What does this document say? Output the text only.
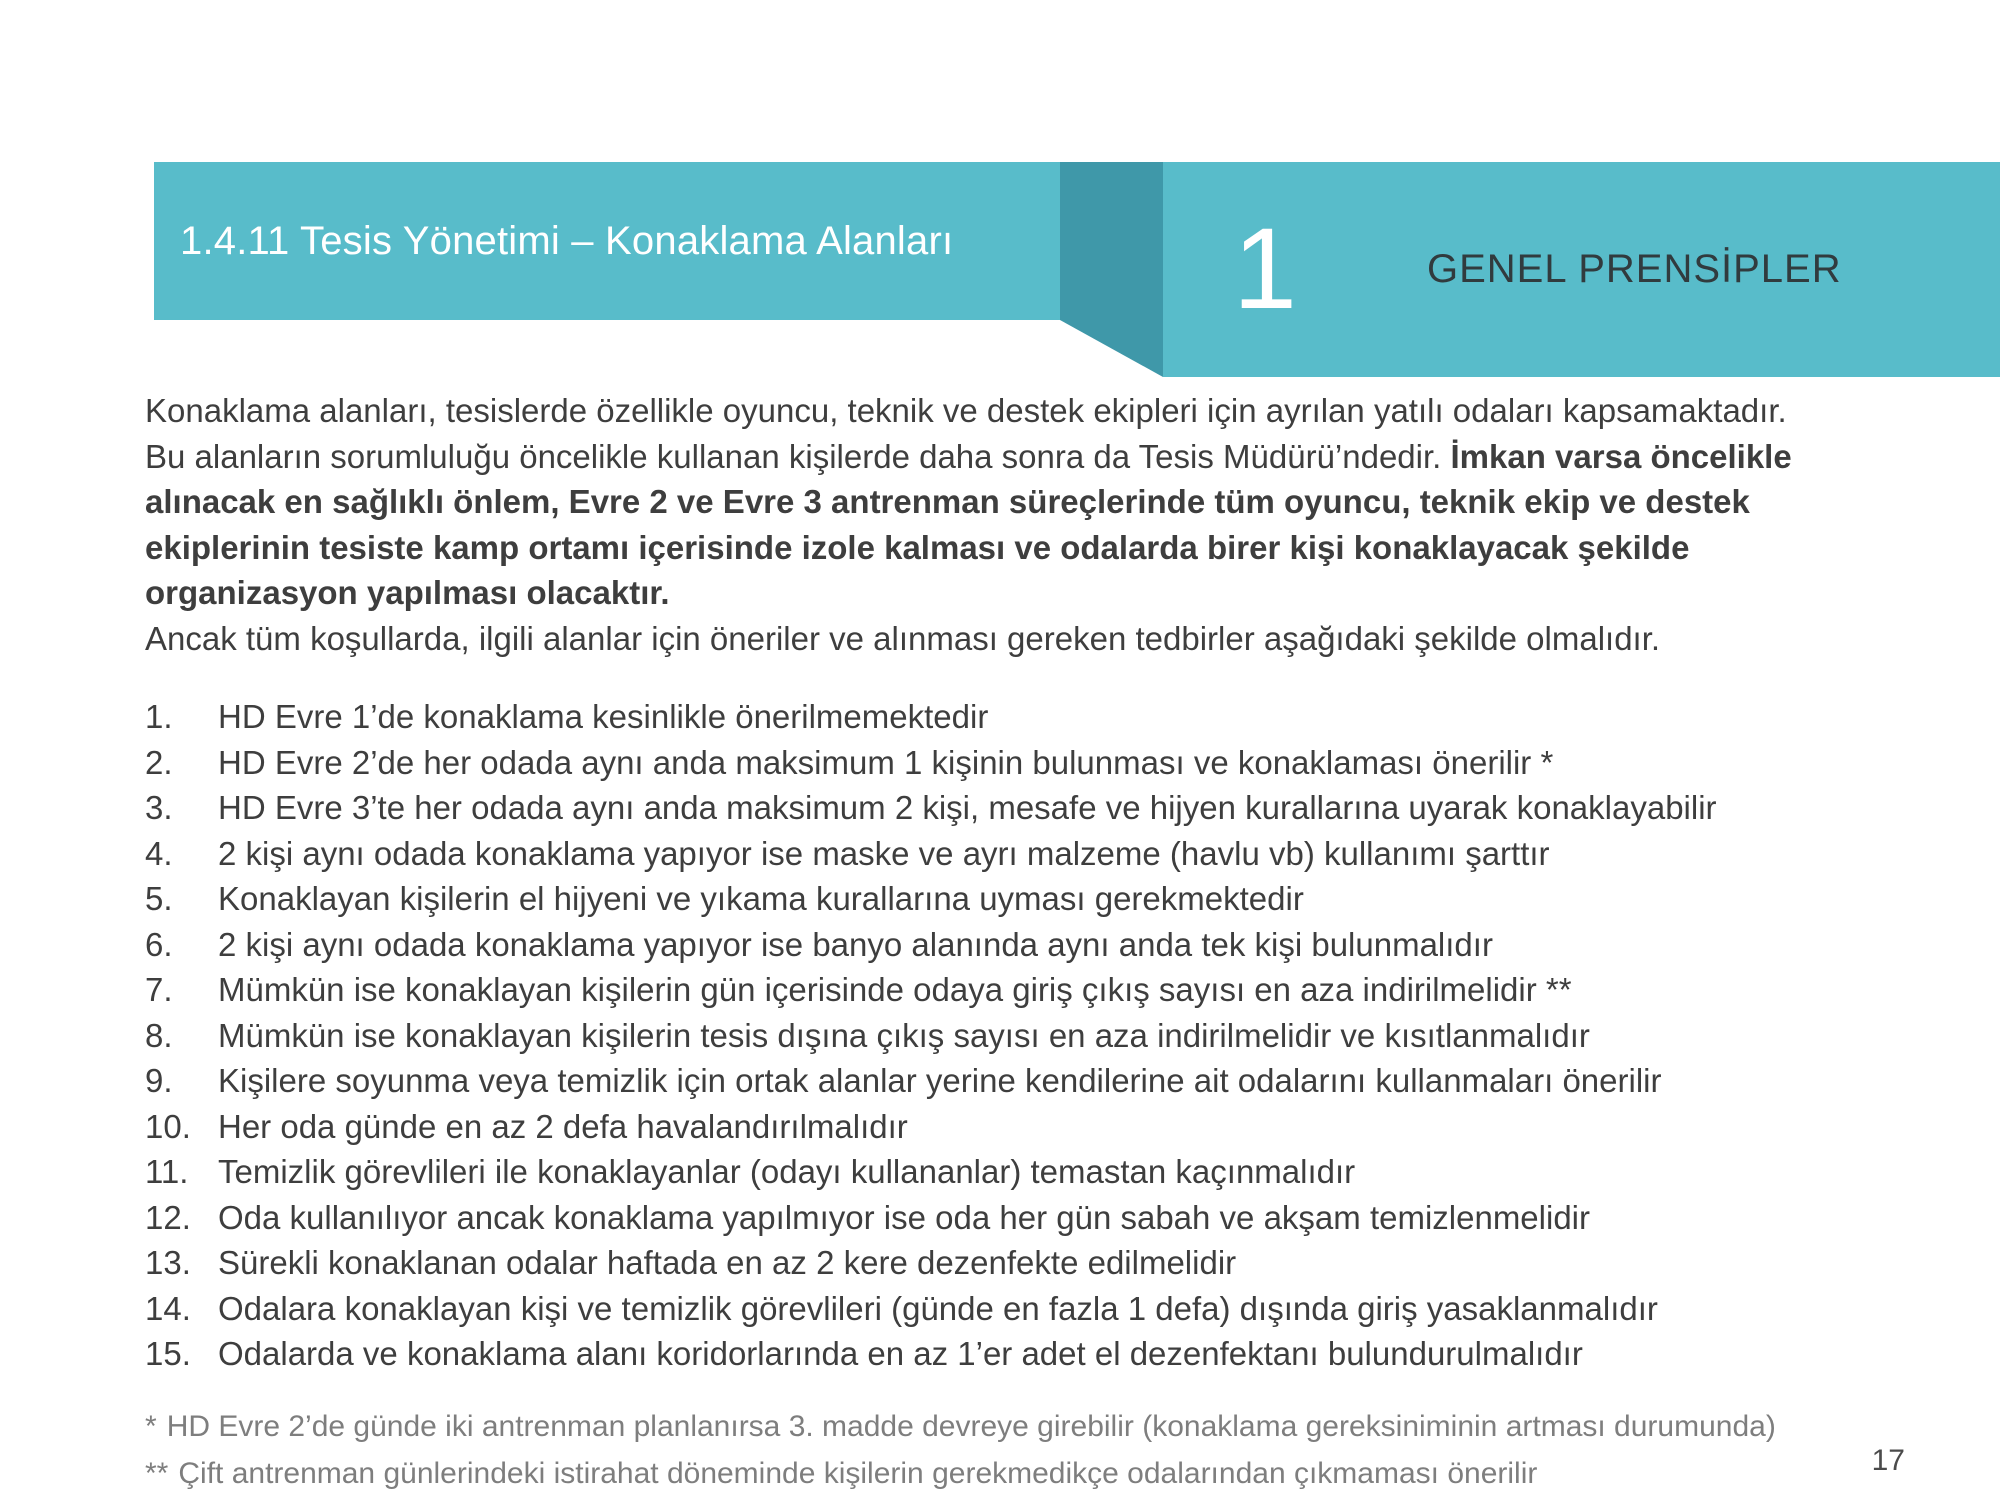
1.4.11 Tesis Yönetimi – Konaklama Alanları 1	GENEL PRENSİPLER
Konaklama alanları, tesislerde özellikle oyuncu, teknik ve destek ekipleri için ayrılan yatılı odaları kapsamaktadır.
Bu alanların sorumluluğu öncelikle kullanan kişilerde daha sonra da Tesis Müdürü’ndedir. İmkan varsa öncelikle
alınacak en sağlıklı önlem, Evre 2 ve Evre 3 antrenman süreçlerinde tüm oyuncu, teknik ekip ve destek
ekiplerinin tesiste kamp ortamı içerisinde izole kalması ve odalarda birer kişi konaklayacak şekilde
organizasyon yapılması olacaktır.
Ancak tüm koşullarda, ilgili alanlar için öneriler ve alınması gereken tedbirler aşağıdaki şekilde olmalıdır.
1.	HD Evre 1’de konaklama kesinlikle önerilmemektedir
2.	HD Evre 2’de her odada aynı anda maksimum 1 kişinin bulunması ve konaklaması önerilir *
3.	HD Evre 3’te her odada aynı anda maksimum 2 kişi, mesafe ve hijyen kurallarına uyarak konaklayabilir
4.	2 kişi aynı odada konaklama yapıyor ise maske ve ayrı malzeme (havlu vb) kullanımı şarttır
5.	Konaklayan kişilerin el hijyeni ve yıkama kurallarına uyması gerekmektedir
6.	2 kişi aynı odada konaklama yapıyor ise banyo alanında aynı anda tek kişi bulunmalıdır
7.	Mümkün ise konaklayan kişilerin gün içerisinde odaya giriş çıkış sayısı en aza indirilmelidir **
8.	Mümkün ise konaklayan kişilerin tesis dışına çıkış sayısı en aza indirilmelidir ve kısıtlanmalıdır
9.	Kişilere soyunma veya temizlik için ortak alanlar yerine kendilerine ait odalarını kullanmaları önerilir
10. Her oda günde en az 2 defa havalandırılmalıdır
11. Temizlik görevlileri ile konaklayanlar (odayı kullananlar) temastan kaçınmalıdır
12. Oda kullanılıyor ancak konaklama yapılmıyor ise oda her gün sabah ve akşam temizlenmelidir
13. Sürekli konaklanan odalar haftada en az 2 kere dezenfekte edilmelidir
14. Odalara konaklayan kişi ve temizlik görevlileri (günde en fazla 1 defa) dışında giriş yasaklanmalıdır
15. Odalarda ve konaklama alanı koridorlarında en az 1’er adet el dezenfektanı bulundurulmalıdır
* HD Evre 2’de günde iki antrenman planlanırsa 3. madde devreye girebilir (konaklama gereksiniminin artması durumunda)
** Çift antrenman günlerindeki istirahat döneminde kişilerin gerekmedikçe odalarından çıkmaması önerilir	17
